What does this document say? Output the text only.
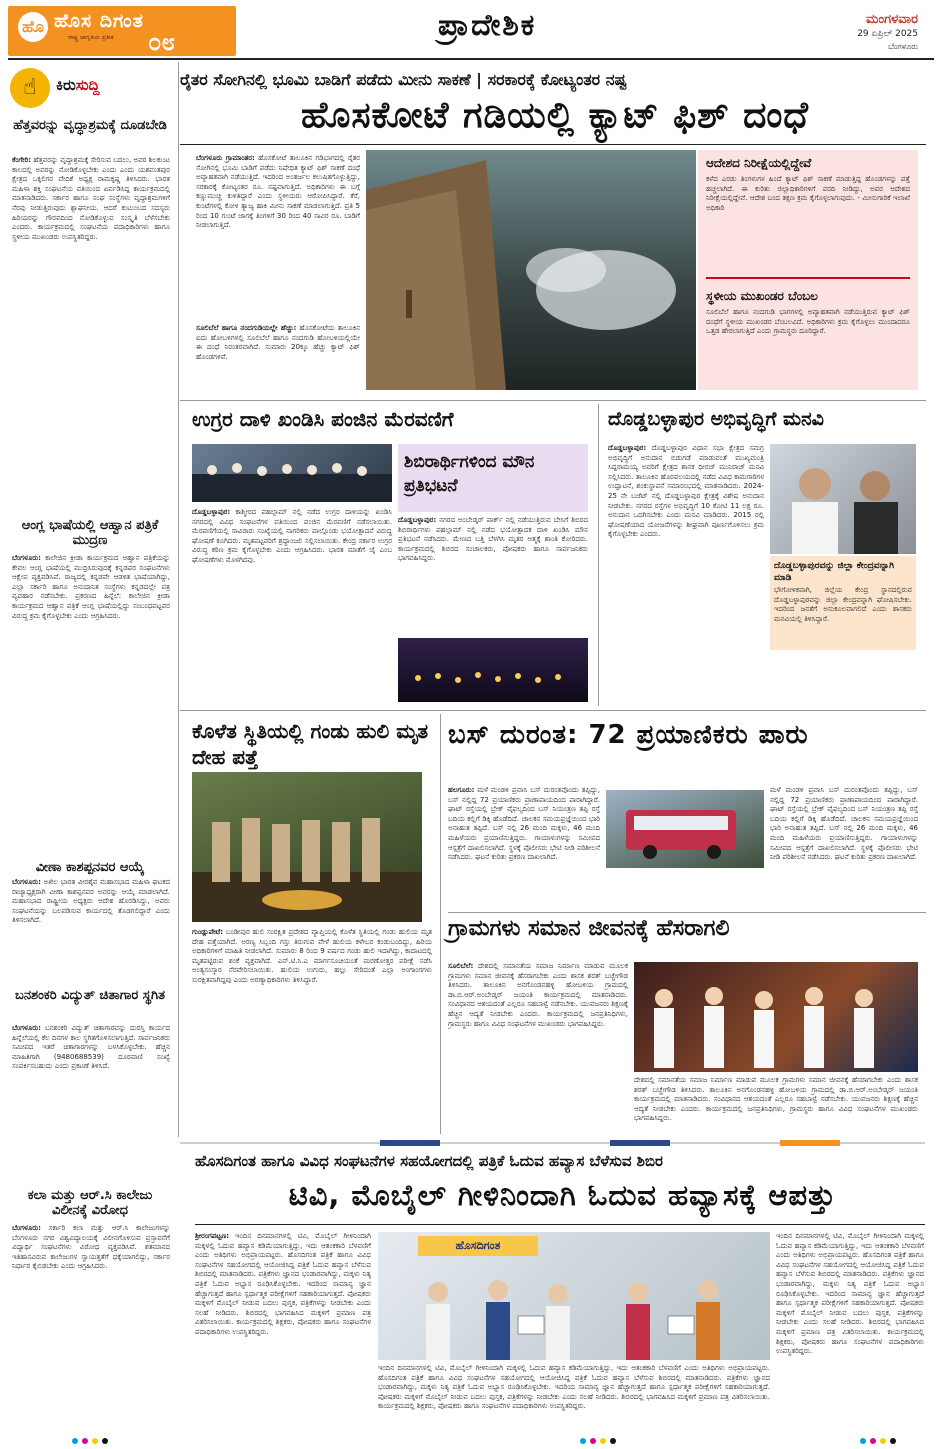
ಹೊ ಹೊಸ ದಿಗಂತ
ರಾಷ್ಟ್ರ ಜಾಗೃತಿಯ ಪ್ರತೀಕ ೦೮	ಪ್ರಾದೇಶಿಕ	ಮಂಗಳವಾರ
29 ಏಪ್ರಿಲ್ 2025
ಬೆಂಗಳೂರು
☝	ಕಿರುಸುದ್ದಿ
ಹೆತ್ತವರನ್ನು ವೃದ್ಧಾಶ್ರಮಕ್ಕೆ ದೂಡಬೇಡಿ
ಕೆಂಗೇರಿ: ಹೆತ್ತವರನ್ನು ವೃದ್ಧಾಶ್ರಮಕ್ಕೆ ಸೇರಿಸುವ ಬದಲು, ಅವರ ಶಿಲಕುಂಟ ಕಾಲದಲ್ಲಿ ಅವರನ್ನು ನೋಡಿಕೊಳ್ಳಬೇಕು ಎಂದು ಎಂದು ಯಶವಂತಪುರ ಕ್ಷೇತ್ರದ ಒಕ್ಕಲಿಗರ ವೇದಿಕೆ ಅಧ್ಯಕ್ಷ ರಾಮಕೃಷ್ಣ ತಿಳಿಸಿದರು. ಭಾರತ ಮಹಿಳಾ ಶಕ್ತಿ ಸಂಘಟನೆಯ ವತಿಯಿಂದ ಏರ್ಪಡಿಸಿದ್ದ ಕಾರ್ಯಕ್ರಮದಲ್ಲಿ ಮಾತನಾಡಿದರು. ಸರ್ಕಾರ ಹಾಗೂ ಸಂಘ ಸಂಸ್ಥೆಗಳು ವೃದ್ಧಾಶ್ರಮಗಳಿಗೆ ನೆರವು ನೀಡುತ್ತಿರುವುದು ಶ್ಲಾಘನೀಯ. ಆದರೆ ಕುಟುಂಬದ ಸದಸ್ಯರು ಹಿರಿಯರನ್ನು ಗೌರವದಿಂದ ನೋಡಿಕೊಳ್ಳುವ ಸಂಸ್ಕೃತಿ ಬೆಳೆಸಬೇಕು ಎಂದರು. ಕಾರ್ಯಕ್ರಮದಲ್ಲಿ ಸಂಘಟನೆಯ ಪದಾಧಿಕಾರಿಗಳು ಹಾಗೂ ಸ್ಥಳೀಯ ಮುಖಂಡರು ಉಪಸ್ಥಿತರಿದ್ದರು.
ಆಂಗ್ಲ ಭಾಷೆಯಲ್ಲಿ ಆಹ್ವಾನ ಪತ್ರಿಕೆ ಮುದ್ರಣ
ಬೆಂಗಳೂರು: ಕಾಲೇಜಿನ ಕ್ರೀಡಾ ಕಾರ್ಯಕ್ರಮದ ಆಹ್ವಾನ ಪತ್ರಿಕೆಯನ್ನು ಕೇವಲ ಆಂಗ್ಲ ಭಾಷೆಯಲ್ಲಿ ಮುದ್ರಿಸಿರುವುದಕ್ಕೆ ಕನ್ನಡಪರ ಸಂಘಟನೆಗಳು ಆಕ್ಷೇಪ ವ್ಯಕ್ತಪಡಿಸಿವೆ. ರಾಜ್ಯದಲ್ಲಿ ಕನ್ನಡವೇ ಆಡಳಿತ ಭಾಷೆಯಾಗಿದ್ದು, ಎಲ್ಲಾ ಸರ್ಕಾರಿ ಹಾಗೂ ಅನುದಾನಿತ ಸಂಸ್ಥೆಗಳು ಕನ್ನಡದಲ್ಲೇ ಪತ್ರ ವ್ಯವಹಾರ ನಡೆಸಬೇಕು. ಪ್ರಕರಣದ ಹಿನ್ನೆಲೆ: ಕಾಲೇಜಿನ ಕ್ರೀಡಾ ಕಾರ್ಯಕ್ರಮದ ಆಹ್ವಾನ ಪತ್ರಿಕೆ ಆಂಗ್ಲ ಭಾಷೆಯಲ್ಲಿದ್ದು ಸಂಬಂಧಪಟ್ಟವರ ವಿರುದ್ಧ ಕ್ರಮ ಕೈಗೊಳ್ಳಬೇಕು ಎಂದು ಆಗ್ರಹಿಸಿದರು.
ವೀಣಾ ಕಾಶಪ್ಪನವರ ಆಯ್ಕೆ
ಬೆಂಗಳೂರು: ಅಖಿಲ ಭಾರತ ವೀರಶೈವ ಮಹಾಸಭಾದ ಮಹಿಳಾ ಘಟಕದ ರಾಜ್ಯಾಧ್ಯಕ್ಷರಾಗಿ ವೀಣಾ ಕಾಶಪ್ಪನವರ ಅವರನ್ನು ಆಯ್ಕೆ ಮಾಡಲಾಗಿದೆ. ಮಹಾಸಭಾದ ರಾಷ್ಟ್ರೀಯ ಅಧ್ಯಕ್ಷರು ಆದೇಶ ಹೊರಡಿಸಿದ್ದು, ಅವರು ಸಂಘಟನೆಯನ್ನು ಬಲಪಡಿಸುವ ಕಾರ್ಯದಲ್ಲಿ ತೊಡಗಲಿದ್ದಾರೆ ಎಂದು ತಿಳಿಸಲಾಗಿದೆ.
ಬನಶಂಕರಿ ವಿದ್ಯುತ್ ಚಿತಾಗಾರ ಸ್ಥಗಿತ
ಬೆಂಗಳೂರು: ಬನಶಂಕರಿ ವಿದ್ಯುತ್ ಚಿತಾಗಾರವನ್ನು ದುರಸ್ತಿ ಕಾರ್ಯದ ಹಿನ್ನೆಲೆಯಲ್ಲಿ ಕೆಲ ದಿನಗಳ ಕಾಲ ಸ್ಥಗಿತಗೊಳಿಸಲಾಗುತ್ತಿದೆ. ಸಾರ್ವಜನಿಕರು ಸಮೀಪದ ಇತರೆ ಚಿತಾಗಾರಗಳನ್ನು ಬಳಸಿಕೊಳ್ಳಬೇಕು. ಹೆಚ್ಚಿನ ಮಾಹಿತಿಗಾಗಿ (9480688539) ದೂರವಾಣಿ ಸಂಖ್ಯೆ ಸಂಪರ್ಕಿಸಬಹುದು ಎಂದು ಪ್ರಕಟಣೆ ತಿಳಿಸಿದೆ.
ಕಲಾ ಮತ್ತು ಆರ್.ಸಿ ಕಾಲೇಜು ವಿಲೀನಕ್ಕೆ ವಿರೋಧ
ಬೆಂಗಳೂರು: ಸರ್ಕಾರಿ ಕಲಾ ಮತ್ತು ಆರ್.ಸಿ ಕಾಲೇಜುಗಳನ್ನು ಬೆಂಗಳೂರು ನಗರ ವಿಶ್ವವಿದ್ಯಾಲಯಕ್ಕೆ ವಿಲೀನಗೊಳಿಸುವ ಪ್ರಸ್ತಾವನೆಗೆ ವಿದ್ಯಾರ್ಥಿ ಸಂಘಟನೆಗಳು ವಿರೋಧ ವ್ಯಕ್ತಪಡಿಸಿವೆ. ಶತಮಾನದ ಇತಿಹಾಸವಿರುವ ಕಾಲೇಜುಗಳ ಸ್ವಾಯತ್ತತೆಗೆ ಧಕ್ಕೆಯಾಗಲಿದ್ದು, ಸರ್ಕಾರ ನಿರ್ಧಾರ ಕೈಬಿಡಬೇಕು ಎಂದು ಆಗ್ರಹಿಸಿದರು.
ರೈತರ ಸೋಗಿನಲ್ಲಿ ಭೂಮಿ ಬಾಡಿಗೆ ಪಡೆದು ಮೀನು ಸಾಕಣೆ | ಸರಕಾರಕ್ಕೆ ಕೋಟ್ಯಂತರ ನಷ್ಟ
ಹೊಸಕೋಟೆ ಗಡಿಯಲ್ಲಿ ಕ್ಯಾಟ್ ಫಿಶ್ ದಂಧೆ
ಬೆಂಗಳೂರು ಗ್ರಾಮಾಂತರ: ಹೊಸಕೋಟೆ ತಾಲೂಕಿನ ಗಡಿಭಾಗದಲ್ಲಿ ರೈತರ ಸೋಗಿನಲ್ಲಿ ಭೂಮಿ ಬಾಡಿಗೆ ಪಡೆದು ನಿಷೇಧಿತ ಕ್ಯಾಟ್ ಫಿಶ್ ಸಾಕಣೆ ದಂಧೆ ಅವ್ಯಾಹತವಾಗಿ ನಡೆಯುತ್ತಿದೆ. ಇದರಿಂದ ಅಂತರ್ಜಲ ಕಲುಷಿತಗೊಳ್ಳುತ್ತಿದ್ದು, ಸರಕಾರಕ್ಕೆ ಕೋಟ್ಯಂತರ ರೂ. ನಷ್ಟವಾಗುತ್ತಿದೆ. ಅಧಿಕಾರಿಗಳು ಈ ಬಗ್ಗೆ ಕಣ್ಣುಮುಚ್ಚಿ ಕುಳಿತಿದ್ದಾರೆ ಎಂದು ಸ್ಥಳೀಯರು ಆರೋಪಿಸಿದ್ದಾರೆ. ಕೆರೆ, ಕುಂಟೆಗಳಲ್ಲಿ ಕೋಳಿ ತ್ಯಾಜ್ಯ ಹಾಕಿ ಮೀನು ಸಾಕಣೆ ಮಾಡಲಾಗುತ್ತಿದೆ. ಪ್ರತಿ 5 ರಿಂದ 10 ಗುಂಟೆ ಜಾಗಕ್ಕೆ ತಿಂಗಳಿಗೆ 30 ರಿಂದ 40 ಸಾವಿರ ರೂ. ಬಾಡಿಗೆ ನೀಡಲಾಗುತ್ತಿದೆ.
ಸೂಲಿಬೆಲೆ ಹಾಗೂ ನಂದಗುಡಿಯಲ್ಲೇ ಹೆಚ್ಚು: ಹೊಸಕೋಟೆಯ ತಾಲೂಕಿನ ಐದು ಹೋಬಳಿಗಳಲ್ಲಿ ಸೂಲಿಬೆಲೆ ಹಾಗೂ ನಂದಗುಡಿ ಹೋಬಳಿಯಲ್ಲಿಯೇ ಈ ದಂಧೆ ನಿರಂತರವಾಗಿದೆ. ಸುಮಾರು 20ಕ್ಕೂ ಹೆಚ್ಚು ಕ್ಯಾಟ್ ಫಿಶ್ ಹೊಂಡಗಳಿವೆ.
ಆದೇಶದ ನಿರೀಕ್ಷೆಯಲ್ಲಿದ್ದೇವೆ
ಕಳೆದ ಎರಡು ತಿಂಗಳುಗಳ ಹಿಂದೆ ಕ್ಯಾಟ್ ಫಿಶ್ ಸಾಕಣೆ ಮಾಡುತ್ತಿದ್ದ ಹೊಂಡಗಳನ್ನು ಪತ್ತೆ ಹಚ್ಚಲಾಗಿದೆ. ಈ ಕುರಿತು ಜಿಲ್ಲಾಧಿಕಾರಿಗಳಿಗೆ ವರದಿ ನೀಡಿದ್ದು, ಅವರ ಆದೇಶದ ನಿರೀಕ್ಷೆಯಲ್ಲಿದ್ದೇವೆ. ಆದೇಶ ಬಂದ ತಕ್ಷಣ ಕ್ರಮ ಕೈಗೊಳ್ಳಲಾಗುವುದು. - ಮೀನುಗಾರಿಕೆ ಇಲಾಖೆ ಅಧಿಕಾರಿ
ಸ್ಥಳೀಯ ಮುಖಂಡರ ಬೆಂಬಲ
ಸೂಲಿಬೆಲೆ ಹಾಗೂ ನಂದಗುಡಿ ಭಾಗಗಳಲ್ಲಿ ಅವ್ಯಾಹತವಾಗಿ ನಡೆಯುತ್ತಿರುವ ಕ್ಯಾಟ್ ಫಿಶ್ ದಂಧೆಗೆ ಸ್ಥಳೀಯ ಮುಖಂಡರ ಬೆಂಬಲವಿದೆ. ಅಧಿಕಾರಿಗಳು ಕ್ರಮ ಕೈಗೊಳ್ಳಲು ಮುಂದಾದರೂ ಒತ್ತಡ ಹೇರಲಾಗುತ್ತಿದೆ ಎಂದು ಗ್ರಾಮಸ್ಥರು ದೂರಿದ್ದಾರೆ.
ಉಗ್ರರ ದಾಳಿ ಖಂಡಿಸಿ ಪಂಜಿನ ಮೆರವಣಿಗೆ
ದೊಡ್ಡಬಳ್ಳಾಪುರ: ಕಾಶ್ಮೀರದ ಪಹಲ್ಗಾಮ್ ನಲ್ಲಿ ನಡೆದ ಉಗ್ರರ ದಾಳಿಯನ್ನು ಖಂಡಿಸಿ ನಗರದಲ್ಲಿ ವಿವಿಧ ಸಂಘಟನೆಗಳ ವತಿಯಿಂದ ಪಂಜಿನ ಮೆರವಣಿಗೆ ನಡೆಸಲಾಯಿತು. ಮೆರವಣಿಗೆಯಲ್ಲಿ ಸಾವಿರಾರು ಸಂಖ್ಯೆಯಲ್ಲಿ ನಾಗರಿಕರು ಪಾಲ್ಗೊಂಡು ಭಯೋತ್ಪಾದನೆ ವಿರುದ್ಧ ಘೋಷಣೆ ಕೂಗಿದರು. ಮೃತಪಟ್ಟವರಿಗೆ ಶ್ರದ್ಧಾಂಜಲಿ ಸಲ್ಲಿಸಲಾಯಿತು. ಕೇಂದ್ರ ಸರ್ಕಾರ ಉಗ್ರರ ವಿರುದ್ಧ ಕಠಿಣ ಕ್ರಮ ಕೈಗೊಳ್ಳಬೇಕು ಎಂದು ಆಗ್ರಹಿಸಿದರು. ಭಾರತ ಮಾತೆಗೆ ಜೈ ಎಂಬ ಘೋಷಣೆಗಳು ಮೊಳಗಿದವು.
ಶಿಬಿರಾರ್ಥಿಗಳಿಂದ ಮೌನ ಪ್ರತಿಭಟನೆ
ದೊಡ್ಡಬಳ್ಳಾಪುರ: ನಗರದ ಅಂಬೇಡ್ಕರ್ ಪಾರ್ಕ್ ನಲ್ಲಿ ನಡೆಯುತ್ತಿರುವ ಬೇಸಿಗೆ ಶಿಬಿರದ ಶಿಬಿರಾರ್ಥಿಗಳು ಪಹಲ್ಗಾಮ್ ನಲ್ಲಿ ನಡೆದ ಭಯೋತ್ಪಾದಕ ದಾಳಿ ಖಂಡಿಸಿ ಮೌನ ಪ್ರತಿಭಟನೆ ನಡೆಸಿದರು. ಮೇಣದ ಬತ್ತಿ ಬೆಳಗಿಸಿ ಮೃತರ ಆತ್ಮಕ್ಕೆ ಶಾಂತಿ ಕೋರಿದರು. ಕಾರ್ಯಕ್ರಮದಲ್ಲಿ ಶಿಬಿರದ ಸಂಚಾಲಕರು, ಪೋಷಕರು ಹಾಗೂ ಸಾರ್ವಜನಿಕರು ಭಾಗವಹಿಸಿದ್ದರು.
ದೊಡ್ಡಬಳ್ಳಾಪುರ ಅಭಿವೃದ್ಧಿಗೆ ಮನವಿ
ದೊಡ್ಡಬಳ್ಳಾಪುರ: ದೊಡ್ಡಬಳ್ಳಾಪುರ ವಿಧಾನ ಸಭಾ ಕ್ಷೇತ್ರದ ಸಮಗ್ರ ಅಭಿವೃದ್ಧಿಗೆ ಅನುದಾನ ಬಿಡುಗಡೆ ಮಾಡುವಂತೆ ಮುಖ್ಯಮಂತ್ರಿ ಸಿದ್ದರಾಮಯ್ಯ ಅವರಿಗೆ ಕ್ಷೇತ್ರದ ಶಾಸಕ ಧೀರಜ್ ಮುನಿರಾಜ್ ಮನವಿ ಸಲ್ಲಿಸಿದರು. ತಾಲೂಕಿನ ಹೊರವಲಯದಲ್ಲಿ ನಡೆದ ವಿವಿಧ ಕಾಮಗಾರಿಗಳ ಉದ್ಘಾಟನೆ, ಶಂಕುಸ್ಥಾಪನೆ ಸಮಾರಂಭದಲ್ಲಿ ಮಾತನಾಡಿದರು. 2024-25 ನೇ ಬಜೆಟ್ ನಲ್ಲಿ ದೊಡ್ಡಬಳ್ಳಾಪುರ ಕ್ಷೇತ್ರಕ್ಕೆ ವಿಶೇಷ ಅನುದಾನ ನೀಡಬೇಕು. ನಗರದ ರಸ್ತೆಗಳ ಅಭಿವೃದ್ಧಿಗೆ 10 ಕೋಟಿ 11 ಲಕ್ಷ ರೂ. ಅನುದಾನ ಒದಗಿಸಬೇಕು ಎಂದು ಮನವಿ ಮಾಡಿದರು. 2015 ರಲ್ಲಿ ಘೋಷಣೆಯಾದ ಯೋಜನೆಗಳನ್ನು ಶೀಘ್ರವಾಗಿ ಪೂರ್ಣಗೊಳಿಸಲು ಕ್ರಮ ಕೈಗೊಳ್ಳಬೇಕು ಎಂದರು.
ದೊಡ್ಡಬಳ್ಳಾಪುರವನ್ನು ಜಿಲ್ಲಾ ಕೇಂದ್ರವನ್ನಾಗಿ ಮಾಡಿ
ಭೌಗೋಳಿಕವಾಗಿ, ಜಿಲ್ಲೆಯ ಕೇಂದ್ರ ಸ್ಥಾನದಲ್ಲಿರುವ ದೊಡ್ಡಬಳ್ಳಾಪುರವನ್ನು ಜಿಲ್ಲಾ ಕೇಂದ್ರವನ್ನಾಗಿ ಘೋಷಿಸಬೇಕು. ಇದರಿಂದ ಜನತೆಗೆ ಅನುಕೂಲವಾಗಲಿದೆ ಎಂದು ಶಾಸಕರು ಮನವಿಯಲ್ಲಿ ತಿಳಿಸಿದ್ದಾರೆ.
ಕೊಳೆತ ಸ್ಥಿತಿಯಲ್ಲಿ ಗಂಡು ಹುಲಿ ಮೃತ ದೇಹ ಪತ್ತೆ
ಗುಂಡ್ಲುಪೇಟೆ: ಬಂಡೀಪುರ ಹುಲಿ ಸಂರಕ್ಷಿತ ಪ್ರದೇಶದ ವ್ಯಾಪ್ತಿಯಲ್ಲಿ ಕೊಳೆತ ಸ್ಥಿತಿಯಲ್ಲಿ ಗಂಡು ಹುಲಿಯ ಮೃತ ದೇಹ ಪತ್ತೆಯಾಗಿದೆ. ಅರಣ್ಯ ಸಿಬ್ಬಂದಿ ಗಸ್ತು ತಿರುಗುವ ವೇಳೆ ಹುಲಿಯ ಕಳೇಬರ ಕಂಡುಬಂದಿದ್ದು, ಹಿರಿಯ ಅಧಿಕಾರಿಗಳಿಗೆ ಮಾಹಿತಿ ನೀಡಲಾಗಿದೆ. ಸುಮಾರು 8 ರಿಂದ 9 ವರ್ಷದ ಗಂಡು ಹುಲಿ ಇದಾಗಿದ್ದು, ಕಾದಾಟದಲ್ಲಿ ಮೃತಪಟ್ಟಿರುವ ಶಂಕೆ ವ್ಯಕ್ತವಾಗಿದೆ. ಎನ್.ಟಿ.ಸಿ.ಎ ಮಾರ್ಗಸೂಚಿಯಂತೆ ಮರಣೋತ್ತರ ಪರೀಕ್ಷೆ ನಡೆಸಿ ಅಂತ್ಯಸಂಸ್ಕಾರ ನೆರವೇರಿಸಲಾಯಿತು. ಹುಲಿಯ ಉಗುರು, ಹಲ್ಲು ಸೇರಿದಂತೆ ಎಲ್ಲಾ ಅಂಗಾಂಗಗಳು ಸುರಕ್ಷಿತವಾಗಿದ್ದವು ಎಂದು ಅರಣ್ಯಾಧಿಕಾರಿಗಳು ತಿಳಿಸಿದ್ದಾರೆ.
ಬಸ್ ದುರಂತ: 72 ಪ್ರಯಾಣಿಕರು ಪಾರು
ಹಲಗೂರು: ಮಳೆ ಮಂಡಳಿ ಪ್ರವಾಸಿ ಬಸ್ ದುರಂತವೊಂದು ತಪ್ಪಿದ್ದು, ಬಸ್ ನಲ್ಲಿದ್ದ 72 ಪ್ರಯಾಣಿಕರು ಪ್ರಾಣಾಪಾಯದಿಂದ ಪಾರಾಗಿದ್ದಾರೆ. ಘಾಟ್ ರಸ್ತೆಯಲ್ಲಿ ಬ್ರೇಕ್ ವೈಫಲ್ಯದಿಂದ ಬಸ್ ನಿಯಂತ್ರಣ ತಪ್ಪಿ ರಸ್ತೆ ಬದಿಯ ಕಲ್ಲಿಗೆ ಡಿಕ್ಕಿ ಹೊಡೆದಿದೆ. ಚಾಲಕನ ಸಮಯಪ್ರಜ್ಞೆಯಿಂದ ಭಾರಿ ಅನಾಹುತ ತಪ್ಪಿದೆ. ಬಸ್ ನಲ್ಲಿ 26 ಮಂದಿ ಮಕ್ಕಳು, 46 ಮಂದಿ ಮಹಿಳೆಯರು ಪ್ರಯಾಣಿಸುತ್ತಿದ್ದರು. ಗಾಯಾಳುಗಳನ್ನು ಸಮೀಪದ ಆಸ್ಪತ್ರೆಗೆ ದಾಖಲಿಸಲಾಗಿದೆ. ಸ್ಥಳಕ್ಕೆ ಪೊಲೀಸರು ಭೇಟಿ ನೀಡಿ ಪರಿಶೀಲನೆ ನಡೆಸಿದರು. ಘಟನೆ ಕುರಿತು ಪ್ರಕರಣ ದಾಖಲಾಗಿದೆ.
ಮಳೆ ಮಂಡಳಿ ಪ್ರವಾಸಿ ಬಸ್ ದುರಂತವೊಂದು ತಪ್ಪಿದ್ದು, ಬಸ್ ನಲ್ಲಿದ್ದ 72 ಪ್ರಯಾಣಿಕರು ಪ್ರಾಣಾಪಾಯದಿಂದ ಪಾರಾಗಿದ್ದಾರೆ. ಘಾಟ್ ರಸ್ತೆಯಲ್ಲಿ ಬ್ರೇಕ್ ವೈಫಲ್ಯದಿಂದ ಬಸ್ ನಿಯಂತ್ರಣ ತಪ್ಪಿ ರಸ್ತೆ ಬದಿಯ ಕಲ್ಲಿಗೆ ಡಿಕ್ಕಿ ಹೊಡೆದಿದೆ. ಚಾಲಕನ ಸಮಯಪ್ರಜ್ಞೆಯಿಂದ ಭಾರಿ ಅನಾಹುತ ತಪ್ಪಿದೆ. ಬಸ್ ನಲ್ಲಿ 26 ಮಂದಿ ಮಕ್ಕಳು, 46 ಮಂದಿ ಮಹಿಳೆಯರು ಪ್ರಯಾಣಿಸುತ್ತಿದ್ದರು. ಗಾಯಾಳುಗಳನ್ನು ಸಮೀಪದ ಆಸ್ಪತ್ರೆಗೆ ದಾಖಲಿಸಲಾಗಿದೆ. ಸ್ಥಳಕ್ಕೆ ಪೊಲೀಸರು ಭೇಟಿ ನೀಡಿ ಪರಿಶೀಲನೆ ನಡೆಸಿದರು. ಘಟನೆ ಕುರಿತು ಪ್ರಕರಣ ದಾಖಲಾಗಿದೆ.
ಗ್ರಾಮಗಳು ಸಮಾನ ಜೀವನಕ್ಕೆ ಹೆಸರಾಗಲಿ
ಸೂಲಿಬೆಲೆ: ದೇಶದಲ್ಲಿ ಸಮಾನತೆಯ ಸಮಾಜ ನಿರ್ಮಾಣ ಮಾಡುವ ಮೂಲಕ ಗ್ರಾಮಗಳು ಸಮಾನ ಜೀವನಕ್ಕೆ ಹೆಸರಾಗಬೇಕು ಎಂದು ಶಾಸಕ ಶರತ್ ಬಚ್ಚೇಗೌಡ ತಿಳಿಸಿದರು. ತಾಲೂಕಿನ ಅನಗೊಂಡನಹಳ್ಳಿ ಹೋಬಳಿಯ ಗ್ರಾಮದಲ್ಲಿ ಡಾ.ಬಿ.ಆರ್.ಅಂಬೇಡ್ಕರ್ ಜಯಂತಿ ಕಾರ್ಯಕ್ರಮದಲ್ಲಿ ಮಾತನಾಡಿದರು. ಸಂವಿಧಾನದ ಆಶಯದಂತೆ ಎಲ್ಲರೂ ಸಹಬಾಳ್ವೆ ನಡೆಸಬೇಕು. ಯುವಜನರು ಶಿಕ್ಷಣಕ್ಕೆ ಹೆಚ್ಚಿನ ಆದ್ಯತೆ ನೀಡಬೇಕು ಎಂದರು. ಕಾರ್ಯಕ್ರಮದಲ್ಲಿ ಜನಪ್ರತಿನಿಧಿಗಳು, ಗ್ರಾಮಸ್ಥರು ಹಾಗೂ ವಿವಿಧ ಸಂಘಟನೆಗಳ ಮುಖಂಡರು ಭಾಗವಹಿಸಿದ್ದರು.
ದೇಶದಲ್ಲಿ ಸಮಾನತೆಯ ಸಮಾಜ ನಿರ್ಮಾಣ ಮಾಡುವ ಮೂಲಕ ಗ್ರಾಮಗಳು ಸಮಾನ ಜೀವನಕ್ಕೆ ಹೆಸರಾಗಬೇಕು ಎಂದು ಶಾಸಕ ಶರತ್ ಬಚ್ಚೇಗೌಡ ತಿಳಿಸಿದರು. ತಾಲೂಕಿನ ಅನಗೊಂಡನಹಳ್ಳಿ ಹೋಬಳಿಯ ಗ್ರಾಮದಲ್ಲಿ ಡಾ.ಬಿ.ಆರ್.ಅಂಬೇಡ್ಕರ್ ಜಯಂತಿ ಕಾರ್ಯಕ್ರಮದಲ್ಲಿ ಮಾತನಾಡಿದರು. ಸಂವಿಧಾನದ ಆಶಯದಂತೆ ಎಲ್ಲರೂ ಸಹಬಾಳ್ವೆ ನಡೆಸಬೇಕು. ಯುವಜನರು ಶಿಕ್ಷಣಕ್ಕೆ ಹೆಚ್ಚಿನ ಆದ್ಯತೆ ನೀಡಬೇಕು ಎಂದರು. ಕಾರ್ಯಕ್ರಮದಲ್ಲಿ ಜನಪ್ರತಿನಿಧಿಗಳು, ಗ್ರಾಮಸ್ಥರು ಹಾಗೂ ವಿವಿಧ ಸಂಘಟನೆಗಳ ಮುಖಂಡರು ಭಾಗವಹಿಸಿದ್ದರು.
ಹೊಸದಿಗಂತ ಹಾಗೂ ವಿವಿಧ ಸಂಘಟನೆಗಳ ಸಹಯೋಗದಲ್ಲಿ ಪತ್ರಿಕೆ ಓದುವ ಹವ್ಯಾಸ ಬೆಳೆಸುವ ಶಿಬಿರ
ಟಿವಿ, ಮೊಬೈಲ್ ಗೀಳಿನಿಂದಾಗಿ ಓದುವ ಹವ್ಯಾಸಕ್ಕೆ ಆಪತ್ತು
ಶ್ರೀರಂಗಪಟ್ಟಣ: ಇಂದಿನ ದಿನಮಾನಗಳಲ್ಲಿ ಟಿವಿ, ಮೊಬೈಲ್ ಗೀಳಿನಿಂದಾಗಿ ಮಕ್ಕಳಲ್ಲಿ ಓದುವ ಹವ್ಯಾಸ ಕಡಿಮೆಯಾಗುತ್ತಿದ್ದು, ಇದು ಆತಂಕಕಾರಿ ಬೆಳವಣಿಗೆ ಎಂದು ಅತಿಥಿಗಳು ಅಭಿಪ್ರಾಯಪಟ್ಟರು. ಹೊಸದಿಗಂತ ಪತ್ರಿಕೆ ಹಾಗೂ ವಿವಿಧ ಸಂಘಟನೆಗಳ ಸಹಯೋಗದಲ್ಲಿ ಆಯೋಜಿಸಿದ್ದ ಪತ್ರಿಕೆ ಓದುವ ಹವ್ಯಾಸ ಬೆಳೆಸುವ ಶಿಬಿರದಲ್ಲಿ ಮಾತನಾಡಿದರು. ಪತ್ರಿಕೆಗಳು ಜ್ಞಾನದ ಭಂಡಾರವಾಗಿದ್ದು, ಮಕ್ಕಳು ನಿತ್ಯ ಪತ್ರಿಕೆ ಓದುವ ಅಭ್ಯಾಸ ರೂಢಿಸಿಕೊಳ್ಳಬೇಕು. ಇದರಿಂದ ಸಾಮಾನ್ಯ ಜ್ಞಾನ ಹೆಚ್ಚಾಗುತ್ತದೆ ಹಾಗೂ ಸ್ಪರ್ಧಾತ್ಮಕ ಪರೀಕ್ಷೆಗಳಿಗೆ ಸಹಕಾರಿಯಾಗುತ್ತದೆ. ಪೋಷಕರು ಮಕ್ಕಳಿಗೆ ಮೊಬೈಲ್ ನೀಡುವ ಬದಲು ಪುಸ್ತಕ, ಪತ್ರಿಕೆಗಳನ್ನು ನೀಡಬೇಕು ಎಂದು ಸಲಹೆ ನೀಡಿದರು. ಶಿಬಿರದಲ್ಲಿ ಭಾಗವಹಿಸಿದ ಮಕ್ಕಳಿಗೆ ಪ್ರಮಾಣ ಪತ್ರ ವಿತರಿಸಲಾಯಿತು. ಕಾರ್ಯಕ್ರಮದಲ್ಲಿ ಶಿಕ್ಷಕರು, ಪೋಷಕರು ಹಾಗೂ ಸಂಘಟನೆಗಳ ಪದಾಧಿಕಾರಿಗಳು ಉಪಸ್ಥಿತರಿದ್ದರು.
ಹೊಸದಿಗಂತ
ಇಂದಿನ ದಿನಮಾನಗಳಲ್ಲಿ ಟಿವಿ, ಮೊಬೈಲ್ ಗೀಳಿನಿಂದಾಗಿ ಮಕ್ಕಳಲ್ಲಿ ಓದುವ ಹವ್ಯಾಸ ಕಡಿಮೆಯಾಗುತ್ತಿದ್ದು, ಇದು ಆತಂಕಕಾರಿ ಬೆಳವಣಿಗೆ ಎಂದು ಅತಿಥಿಗಳು ಅಭಿಪ್ರಾಯಪಟ್ಟರು. ಹೊಸದಿಗಂತ ಪತ್ರಿಕೆ ಹಾಗೂ ವಿವಿಧ ಸಂಘಟನೆಗಳ ಸಹಯೋಗದಲ್ಲಿ ಆಯೋಜಿಸಿದ್ದ ಪತ್ರಿಕೆ ಓದುವ ಹವ್ಯಾಸ ಬೆಳೆಸುವ ಶಿಬಿರದಲ್ಲಿ ಮಾತನಾಡಿದರು. ಪತ್ರಿಕೆಗಳು ಜ್ಞಾನದ ಭಂಡಾರವಾಗಿದ್ದು, ಮಕ್ಕಳು ನಿತ್ಯ ಪತ್ರಿಕೆ ಓದುವ ಅಭ್ಯಾಸ ರೂಢಿಸಿಕೊಳ್ಳಬೇಕು. ಇದರಿಂದ ಸಾಮಾನ್ಯ ಜ್ಞಾನ ಹೆಚ್ಚಾಗುತ್ತದೆ ಹಾಗೂ ಸ್ಪರ್ಧಾತ್ಮಕ ಪರೀಕ್ಷೆಗಳಿಗೆ ಸಹಕಾರಿಯಾಗುತ್ತದೆ. ಪೋಷಕರು ಮಕ್ಕಳಿಗೆ ಮೊಬೈಲ್ ನೀಡುವ ಬದಲು ಪುಸ್ತಕ, ಪತ್ರಿಕೆಗಳನ್ನು ನೀಡಬೇಕು ಎಂದು ಸಲಹೆ ನೀಡಿದರು. ಶಿಬಿರದಲ್ಲಿ ಭಾಗವಹಿಸಿದ ಮಕ್ಕಳಿಗೆ ಪ್ರಮಾಣ ಪತ್ರ ವಿತರಿಸಲಾಯಿತು. ಕಾರ್ಯಕ್ರಮದಲ್ಲಿ ಶಿಕ್ಷಕರು, ಪೋಷಕರು ಹಾಗೂ ಸಂಘಟನೆಗಳ ಪದಾಧಿಕಾರಿಗಳು ಉಪಸ್ಥಿತರಿದ್ದರು.
ಇಂದಿನ ದಿನಮಾನಗಳಲ್ಲಿ ಟಿವಿ, ಮೊಬೈಲ್ ಗೀಳಿನಿಂದಾಗಿ ಮಕ್ಕಳಲ್ಲಿ ಓದುವ ಹವ್ಯಾಸ ಕಡಿಮೆಯಾಗುತ್ತಿದ್ದು, ಇದು ಆತಂಕಕಾರಿ ಬೆಳವಣಿಗೆ ಎಂದು ಅತಿಥಿಗಳು ಅಭಿಪ್ರಾಯಪಟ್ಟರು. ಹೊಸದಿಗಂತ ಪತ್ರಿಕೆ ಹಾಗೂ ವಿವಿಧ ಸಂಘಟನೆಗಳ ಸಹಯೋಗದಲ್ಲಿ ಆಯೋಜಿಸಿದ್ದ ಪತ್ರಿಕೆ ಓದುವ ಹವ್ಯಾಸ ಬೆಳೆಸುವ ಶಿಬಿರದಲ್ಲಿ ಮಾತನಾಡಿದರು. ಪತ್ರಿಕೆಗಳು ಜ್ಞಾನದ ಭಂಡಾರವಾಗಿದ್ದು, ಮಕ್ಕಳು ನಿತ್ಯ ಪತ್ರಿಕೆ ಓದುವ ಅಭ್ಯಾಸ ರೂಢಿಸಿಕೊಳ್ಳಬೇಕು. ಇದರಿಂದ ಸಾಮಾನ್ಯ ಜ್ಞಾನ ಹೆಚ್ಚಾಗುತ್ತದೆ ಹಾಗೂ ಸ್ಪರ್ಧಾತ್ಮಕ ಪರೀಕ್ಷೆಗಳಿಗೆ ಸಹಕಾರಿಯಾಗುತ್ತದೆ. ಪೋಷಕರು ಮಕ್ಕಳಿಗೆ ಮೊಬೈಲ್ ನೀಡುವ ಬದಲು ಪುಸ್ತಕ, ಪತ್ರಿಕೆಗಳನ್ನು ನೀಡಬೇಕು ಎಂದು ಸಲಹೆ ನೀಡಿದರು. ಶಿಬಿರದಲ್ಲಿ ಭಾಗವಹಿಸಿದ ಮಕ್ಕಳಿಗೆ ಪ್ರಮಾಣ ಪತ್ರ ವಿತರಿಸಲಾಯಿತು. ಕಾರ್ಯಕ್ರಮದಲ್ಲಿ ಶಿಕ್ಷಕರು, ಪೋಷಕರು ಹಾಗೂ ಸಂಘಟನೆಗಳ ಪದಾಧಿಕಾರಿಗಳು ಉಪಸ್ಥಿತರಿದ್ದರು.
